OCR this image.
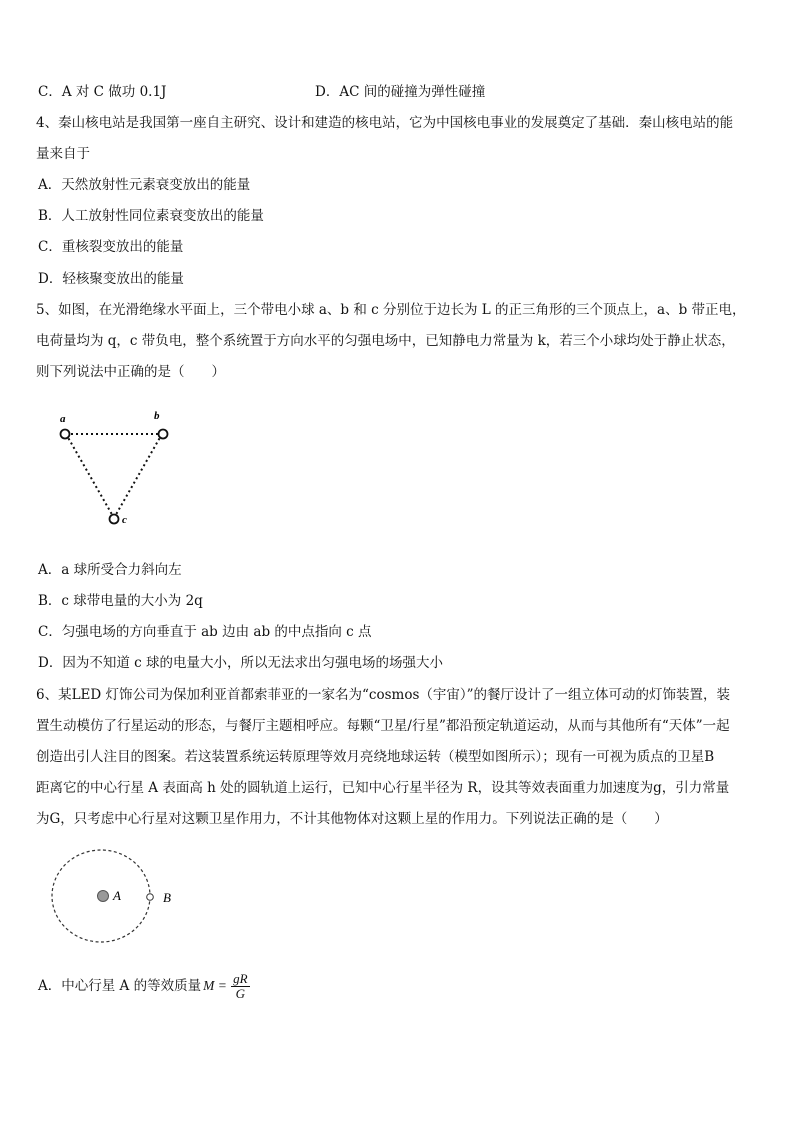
C．A 对 C 做功 0.1J	D．AC 间的碰撞为弹性碰撞
4、秦山核电站是我国第一座自主研究、设计和建造的核电站，它为中国核电事业的发展奠定了基础．秦山核电站的能
量来自于
A．天然放射性元素衰变放出的能量
B．人工放射性同位素衰变放出的能量
C．重核裂变放出的能量
D．轻核聚变放出的能量
5、如图，在光滑绝缘水平面上，三个带电小球 a、b 和 c 分别位于边长为 L 的正三角形的三个顶点上，a、b 带正电，
电荷量均为 q，c 带负电，整个系统置于方向水平的匀强电场中，已知静电力常量为 k，若三个小球均处于静止状态，
则下列说法中正确的是（　　）
a	b
c
A．a 球所受合力斜向左
B．c 球带电量的大小为 2q
C．匀强电场的方向垂直于 ab 边由 ab 的中点指向 c 点
D．因为不知道 c 球的电量大小，所以无法求出匀强电场的场强大小
6、某LED 灯饰公司为保加利亚首都索菲亚的一家名为“cosmos（宇宙）”的餐厅设计了一组立体可动的灯饰装置，装
置生动模仿了行星运动的形态，与餐厅主题相呼应。每颗“卫星/行星”都沿预定轨道运动，从而与其他所有“天体”一起
创造出引人注目的图案。若这装置系统运转原理等效月亮绕地球运转（模型如图所示）；现有一可视为质点的卫星B
距离它的中心行星 A 表面高 h 处的圆轨道上运行，已知中心行星半径为 R，设其等效表面重力加速度为g，引力常量
为G，只考虑中心行星对这颗卫星作用力，不计其他物体对这颗上星的作用力。下列说法正确的是（　　）
A	B
A．中心行星 A 的等效质量 $M = \frac{gR}{G}$
